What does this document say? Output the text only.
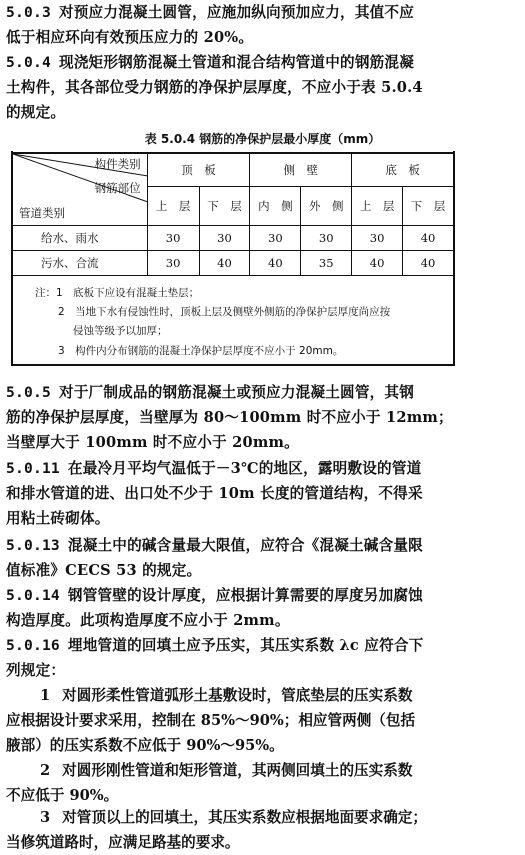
5.0.3 对预应力混凝土圆管，应施加纵向预加应力，其值不应
低于相应环向有效预压应力的 20%。
5.0.4 现浇矩形钢筋混凝土管道和混合结构管道中的钢筋混凝
土构件，其各部位受力钢筋的净保护层厚度，不应小于表 5.0.4
的规定。
表 5.0.4 钢筋的净保护层最小厚度（mm）
构件类别
钢筋部位
管道类别	顶　板		侧　壁		底　板	
	上　层	下　层	内　侧	外　侧	上　层	下　层
给水、雨水	30	30	30	30	30	40
污水、合流	30	40	40	35	40	40
注：1　底板下应设有混凝土垫层；
2　当地下水有侵蚀性时，顶板上层及侧壁外侧筋的净保护层厚度尚应按
侵蚀等级予以加厚；
3　构件内分布钢筋的混凝土净保护层厚度不应小于 20mm。
5.0.5 对于厂制成品的钢筋混凝土或预应力混凝土圆管，其钢
筋的净保护层厚度，当壁厚为 80～100mm 时不应小于 12mm；
当壁厚大于 100mm 时不应小于 20mm。
5.0.11 在最冷月平均气温低于－3℃的地区，露明敷设的管道
和排水管道的进、出口处不少于 10m 长度的管道结构，不得采
用粘土砖砌体。
5.0.13 混凝土中的碱含量最大限值，应符合《混凝土碱含量限
值标准》CECS 53 的规定。
5.0.14 钢管管壁的设计厚度，应根据计算需要的厚度另加腐蚀
构造厚度。此项构造厚度不应小于 2mm。
5.0.16 埋地管道的回填土应予压实，其压实系数 λc 应符合下
列规定：
1 对圆形柔性管道弧形土基敷设时，管底垫层的压实系数
应根据设计要求采用，控制在 85%～90%；相应管两侧（包括
腋部）的压实系数不应低于 90%～95%。
2 对圆形刚性管道和矩形管道，其两侧回填土的压实系数
不应低于 90%。
3 对管顶以上的回填土，其压实系数应根据地面要求确定；
当修筑道路时，应满足路基的要求。
